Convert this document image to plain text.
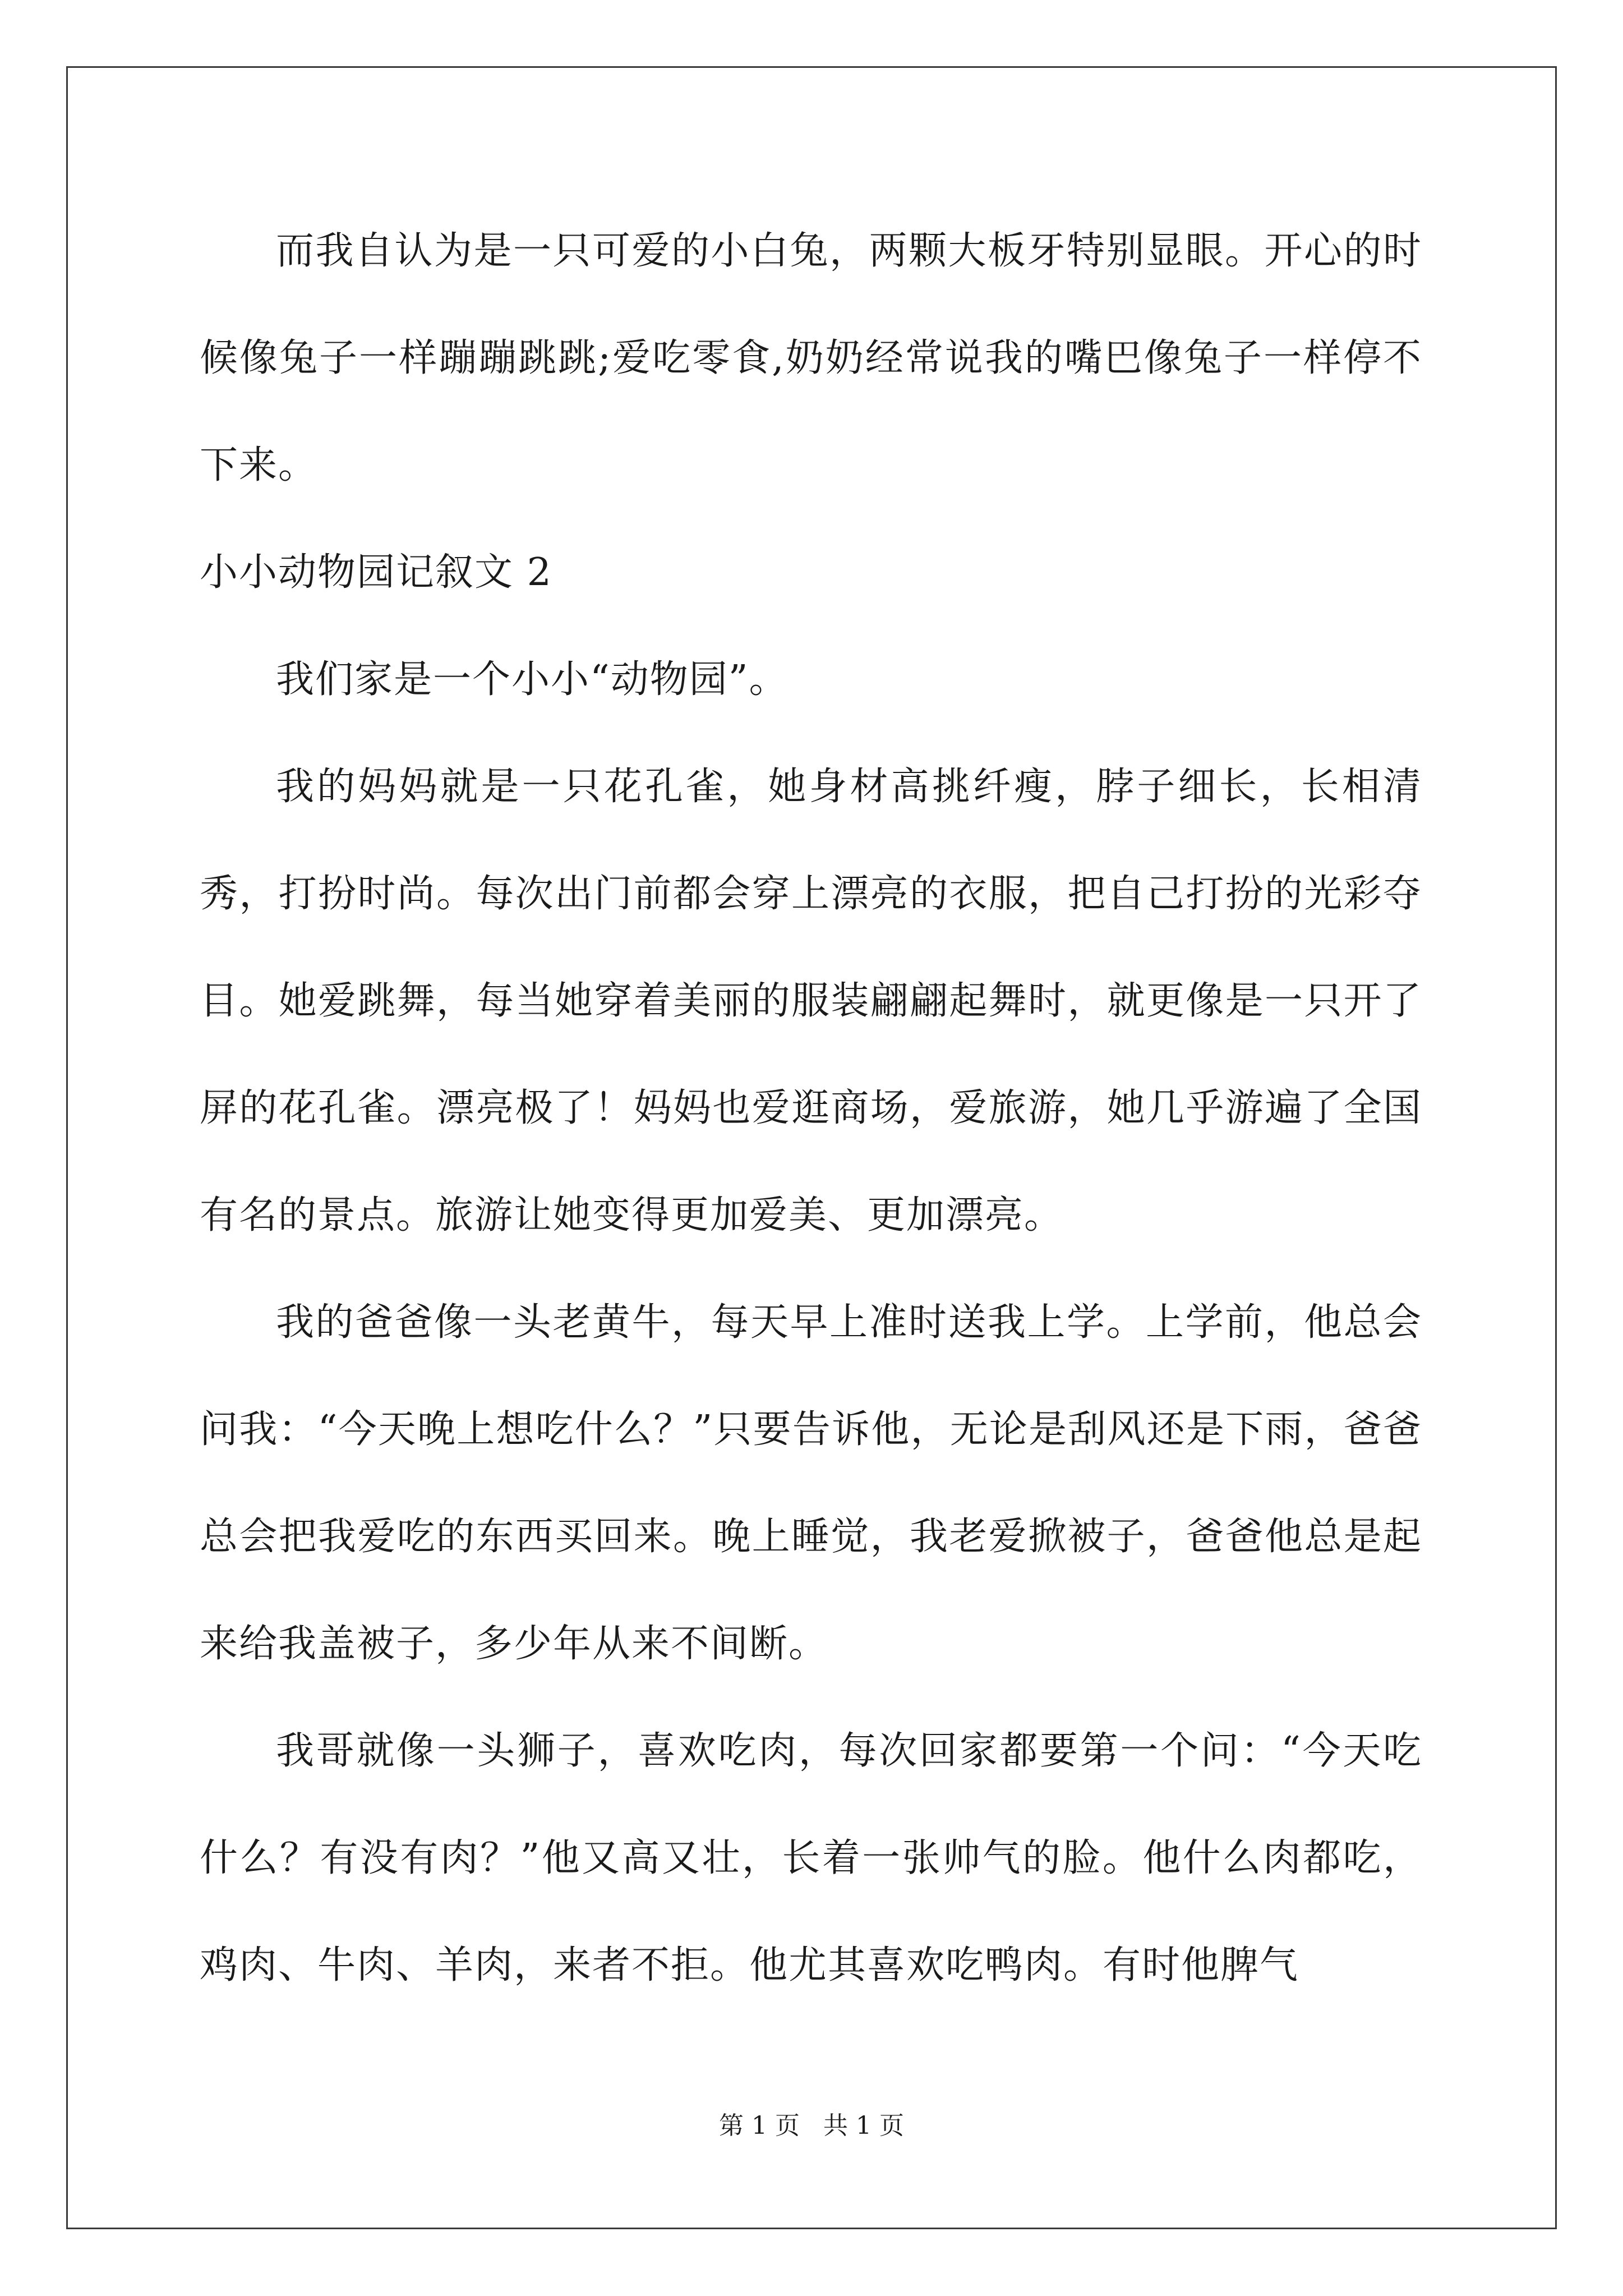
而我自认为是一只可爱的小白兔，两颗大板牙特别显眼。开心的时候像兔子一样蹦蹦跳跳;爱吃零食,奶奶经常说我的嘴巴像兔子一样停不下来。

小小动物园记叙文 2

我们家是一个小小“动物园”。

我的妈妈就是一只花孔雀，她身材高挑纤瘦，脖子细长，长相清秀，打扮时尚。每次出门前都会穿上漂亮的衣服，把自己打扮的光彩夺目。她爱跳舞，每当她穿着美丽的服装翩翩起舞时，就更像是一只开了屏的花孔雀。漂亮极了！妈妈也爱逛商场，爱旅游，她几乎游遍了全国有名的景点。旅游让她变得更加爱美、更加漂亮。

我的爸爸像一头老黄牛，每天早上准时送我上学。上学前，他总会问我：“今天晚上想吃什么？”只要告诉他，无论是刮风还是下雨，爸爸总会把我爱吃的东西买回来。晚上睡觉，我老爱掀被子，爸爸他总是起来给我盖被子，多少年从来不间断。

我哥就像一头狮子，喜欢吃肉，每次回家都要第一个问：“今天吃什么？有没有肉？”他又高又壮，长着一张帅气的脸。他什么肉都吃，鸡肉、牛肉、羊肉，来者不拒。他尤其喜欢吃鸭肉。有时他脾气

第 1 页 共 1 页
